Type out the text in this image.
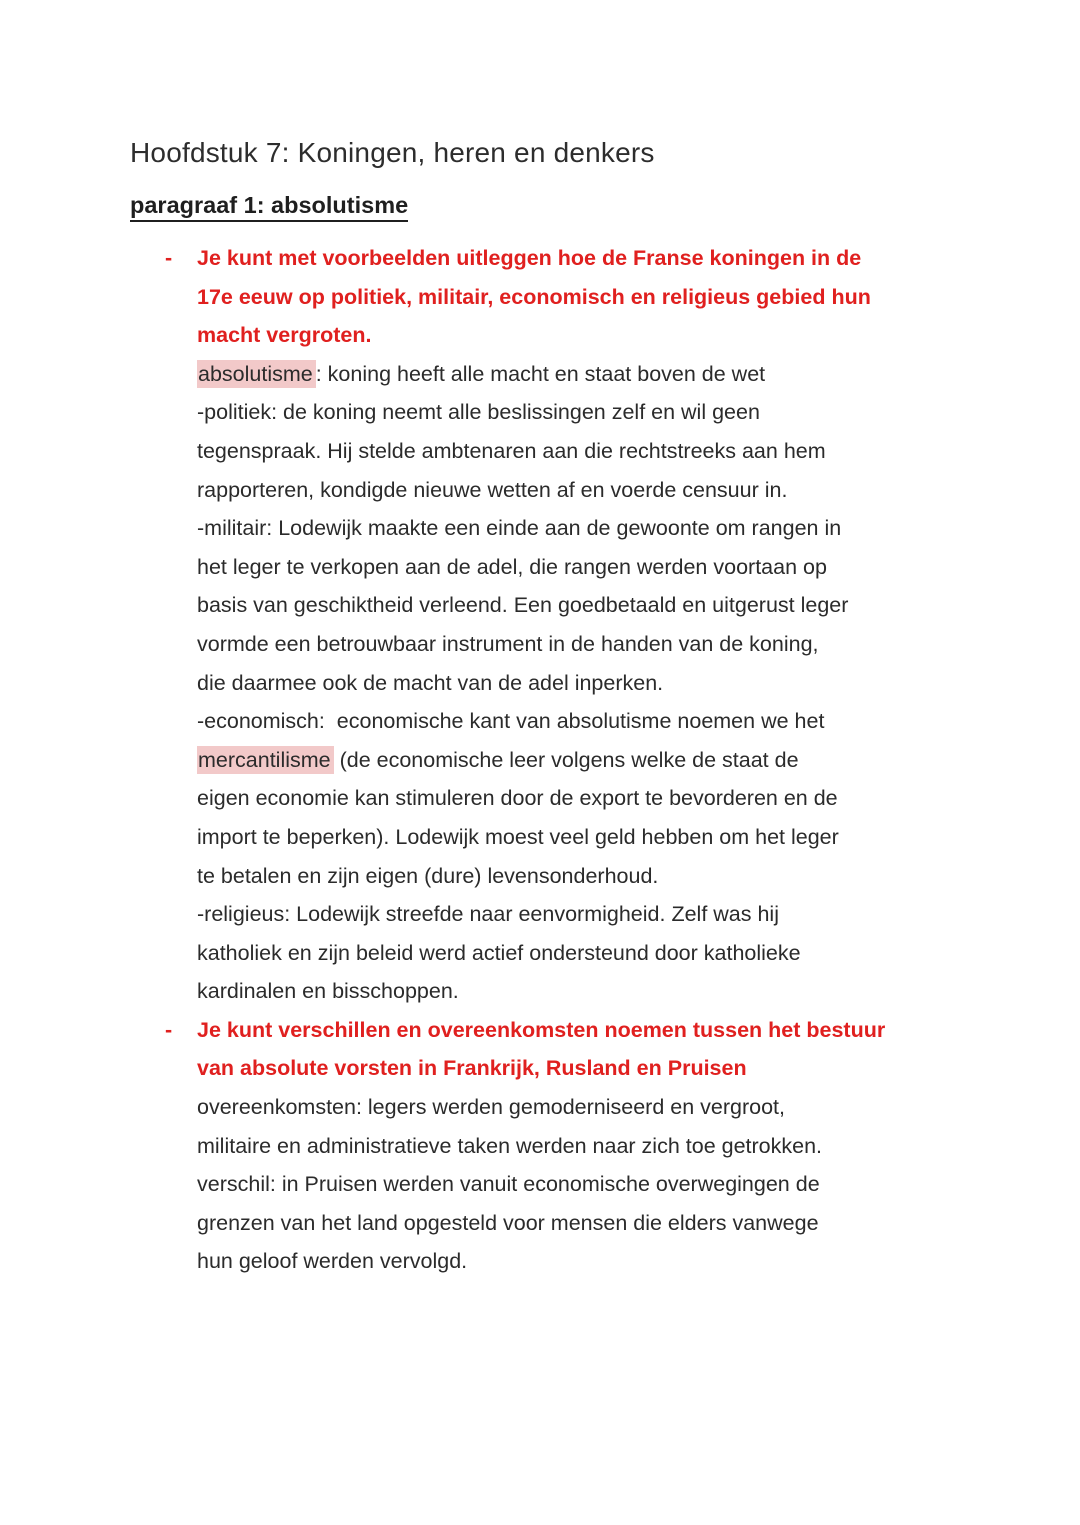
Hoofdstuk 7: Koningen, heren en denkers
paragraaf 1: absolutisme
-	Je kunt met voorbeelden uitleggen hoe de Franse koningen in de
17e eeuw op politiek, militair, economisch en religieus gebied hun
macht vergroten.
absolutisme : koning heeft alle macht en staat boven de wet
-politiek: de koning neemt alle beslissingen zelf en wil geen
tegenspraak. Hij stelde ambtenaren aan die rechtstreeks aan hem
rapporteren, kondigde nieuwe wetten af en voerde censuur in.
-militair: Lodewijk maakte een einde aan de gewoonte om rangen in
het leger te verkopen aan de adel, die rangen werden voortaan op
basis van geschiktheid verleend. Een goedbetaald en uitgerust leger
vormde een betrouwbaar instrument in de handen van de koning,
die daarmee ook de macht van de adel inperken.
-economisch:  economische kant van absolutisme noemen we het
mercantilisme (de economische leer volgens welke de staat de
eigen economie kan stimuleren door de export te bevorderen en de
import te beperken). Lodewijk moest veel geld hebben om het leger
te betalen en zijn eigen (dure) levensonderhoud.
-religieus: Lodewijk streefde naar eenvormigheid. Zelf was hij
katholiek en zijn beleid werd actief ondersteund door katholieke
kardinalen en bisschoppen.
-	Je kunt verschillen en overeenkomsten noemen tussen het bestuur
van absolute vorsten in Frankrijk, Rusland en Pruisen
overeenkomsten: legers werden gemoderniseerd en vergroot,
militaire en administratieve taken werden naar zich toe getrokken.
verschil: in Pruisen werden vanuit economische overwegingen de
grenzen van het land opgesteld voor mensen die elders vanwege
hun geloof werden vervolgd.
